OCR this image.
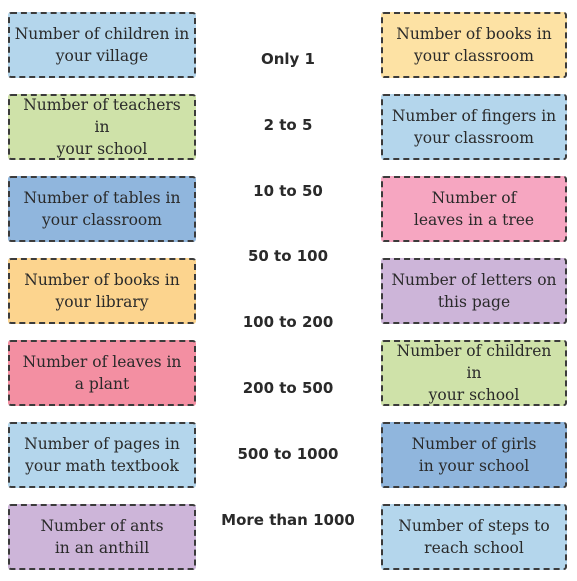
Number of children in
your village
Number of teachers in
your school
Number of tables in
your classroom
Number of books in
your library
Number of leaves in
a plant
Number of pages in
your math textbook
Number of ants
in an anthill
Only 1
2 to 5
10 to 50
50 to 100
100 to 200
200 to 500
500 to 1000
More than 1000
Number of books in
your classroom
Number of fingers in
your classroom
Number of
leaves in a tree
Number of letters on
this page
Number of children in
your school
Number of girls
in your school
Number of steps to
reach school
